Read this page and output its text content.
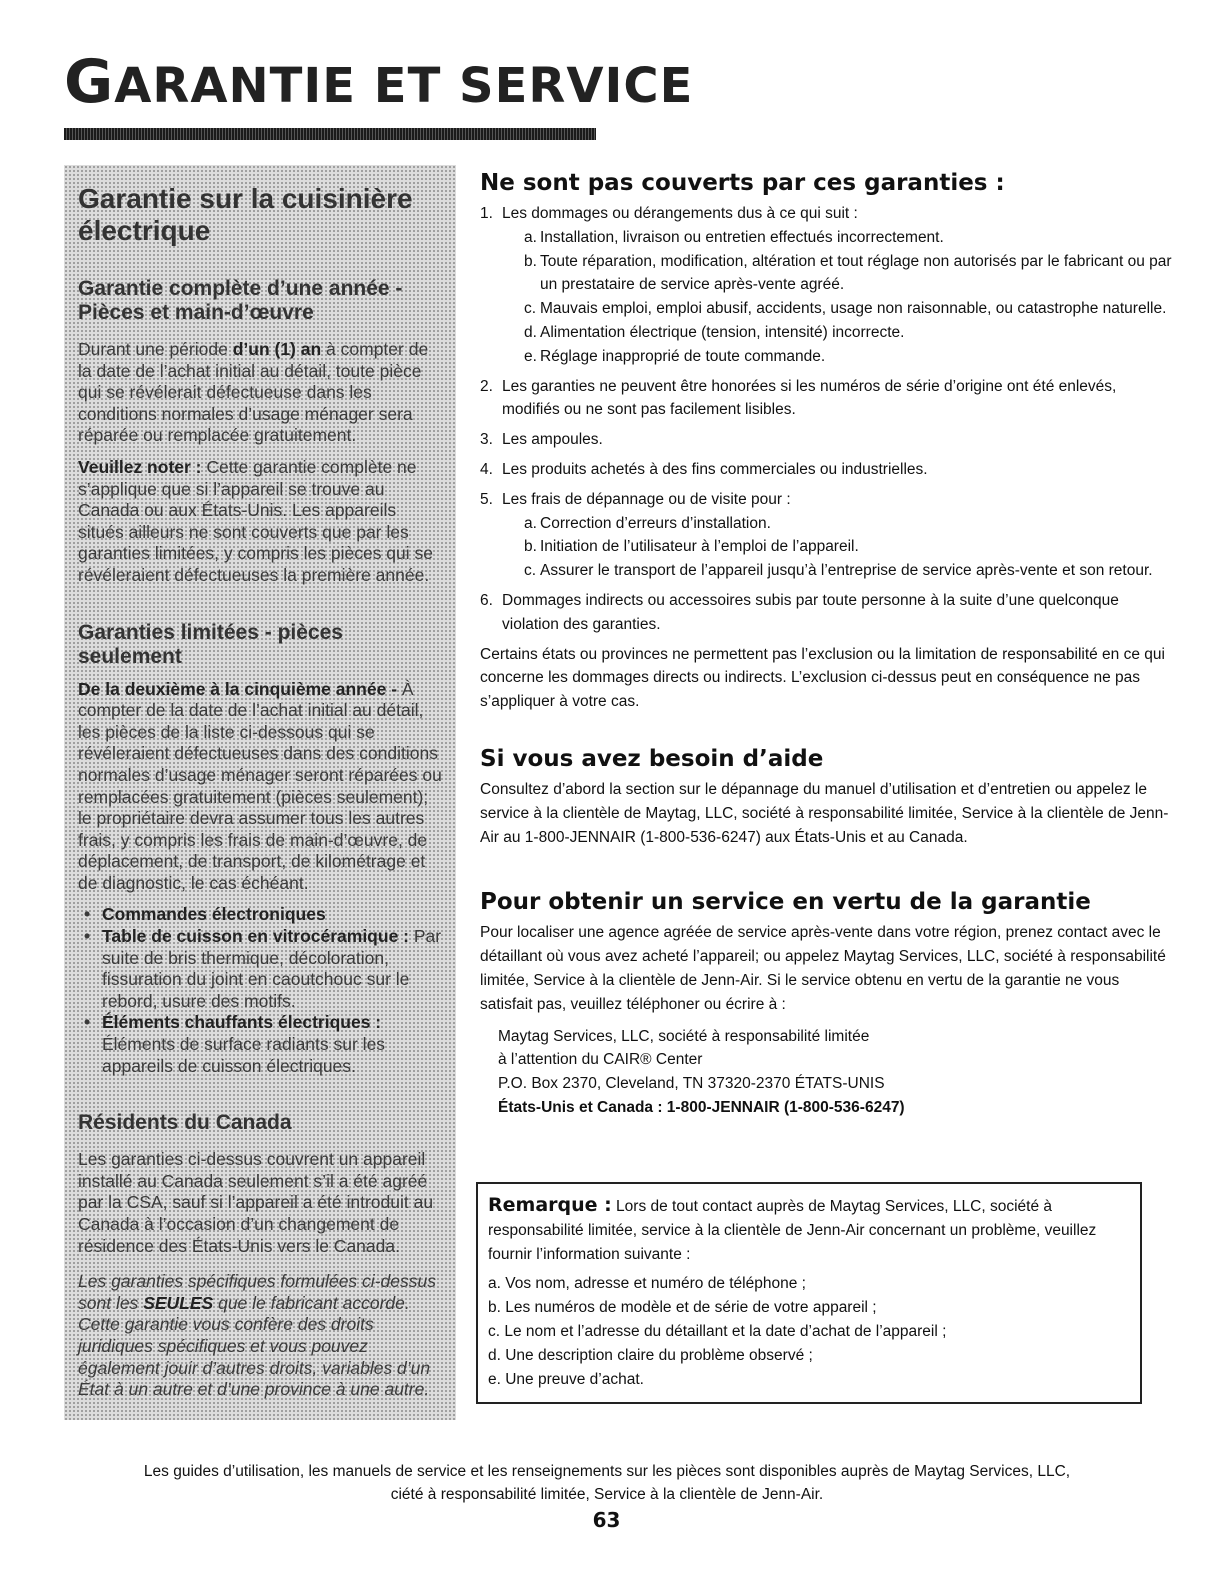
GARANTIE ET SERVICE
Garantie sur la cuisinière électrique
Garantie complète d’une année - Pièces et main-d’œuvre

Durant une période d’un (1) an à compter de la date de l’achat initial au détail, toute pièce qui se révélerait défectueuse dans les conditions normales d’usage ménager sera réparée ou remplacée gratuitement.

Veuillez noter : Cette garantie complète ne s’applique que si l’appareil se trouve au Canada ou aux États-Unis. Les appareils situés ailleurs ne sont couverts que par les garanties limitées, y compris les pièces qui se révéleraient défectueuses la première année.

Garanties limitées - pièces seulement

De la deuxième à la cinquième année - À compter de la date de l’achat initial au détail, les pièces de la liste ci-dessous qui se révéleraient défectueuses dans des conditions normales d’usage ménager seront réparées ou remplacées gratuitement (pièces seulement); le propriétaire devra assumer tous les autres frais, y compris les frais de main-d’œuvre, de déplacement, de transport, de kilométrage et de diagnostic, le cas échéant.

• Commandes électroniques
• Table de cuisson en vitrocéramique : Par suite de bris thermique, décoloration, fissuration du joint en caoutchouc sur le rebord, usure des motifs.
• Éléments chauffants électriques : Éléments de surface radiants sur les appareils de cuisson électriques.
Résidents du Canada

Les garanties ci-dessus couvrent un appareil installé au Canada seulement s’il a été agréé par la CSA, sauf si l’appareil a été introduit au Canada à l’occasion d’un changement de résidence des États-Unis vers le Canada.

Les garanties spécifiques formulées ci-dessus sont les SEULES que le fabricant accorde. Cette garantie vous confère des droits juridiques spécifiques et vous pouvez également jouir d’autres droits, variables d’un État à un autre et d’une province à une autre.

Ne sont pas couverts par ces garanties :
1. Les dommages ou dérangements dus à ce qui suit :
a. Installation, livraison ou entretien effectués incorrectement.
b. Toute réparation, modification, altération et tout réglage non autorisés par le fabricant ou par un prestataire de service après-vente agréé.
c. Mauvais emploi, emploi abusif, accidents, usage non raisonnable, ou catastrophe naturelle.
d. Alimentation électrique (tension, intensité) incorrecte.
e. Réglage inapproprié de toute commande.
2. Les garanties ne peuvent être honorées si les numéros de série d’origine ont été enlevés, modifiés ou ne sont pas facilement lisibles.
3. Les ampoules.
4. Les produits achetés à des fins commerciales ou industrielles.
5. Les frais de dépannage ou de visite pour :
a. Correction d’erreurs d’installation.
b. Initiation de l’utilisateur à l’emploi de l’appareil.
c. Assurer le transport de l’appareil jusqu’à l’entreprise de service après-vente et son retour.
6. Dommages indirects ou accessoires subis par toute personne à la suite d’une quelconque violation des garanties.

Certains états ou provinces ne permettent pas l’exclusion ou la limitation de responsabilité en ce qui concerne les dommages directs ou indirects. L’exclusion ci-dessus peut en conséquence ne pas s’appliquer à votre cas.

Si vous avez besoin d’aide

Consultez d’abord la section sur le dépannage du manuel d’utilisation et d’entretien ou appelez le service à la clientèle de Maytag, LLC, société à responsabilité limitée, Service à la clientèle de Jenn-Air au 1-800-JENNAIR (1-800-536-6247) aux États-Unis et au Canada.

Pour obtenir un service en vertu de la garantie

Pour localiser une agence agréée de service après-vente dans votre région, prenez contact avec le détaillant où vous avez acheté l’appareil; ou appelez Maytag Services, LLC, société à responsabilité limitée, Service à la clientèle de Jenn-Air. Si le service obtenu en vertu de la garantie ne vous satisfait pas, veuillez téléphoner ou écrire à :

Maytag Services, LLC, société à responsabilité limitée
à l’attention du CAIR® Center
P.O. Box 2370, Cleveland, TN 37320-2370 ÉTATS-UNIS
États-Unis et Canada : 1-800-JENNAIR (1-800-536-6247)
Remarque : Lors de tout contact auprès de Maytag Services, LLC, société à responsabilité limitée, service à la clientèle de Jenn-Air concernant un problème, veuillez fournir l’information suivante :
a. Vos nom, adresse et numéro de téléphone ;
b. Les numéros de modèle et de série de votre appareil ;
c. Le nom et l’adresse du détaillant et la date d’achat de l’appareil ;
d. Une description claire du problème observé ;
e. Une preuve d’achat.

Les guides d’utilisation, les manuels de service et les renseignements sur les pièces sont disponibles auprès de Maytag Services, LLC,

ciété à responsabilité limitée, Service à la clientèle de Jenn-Air.

63
